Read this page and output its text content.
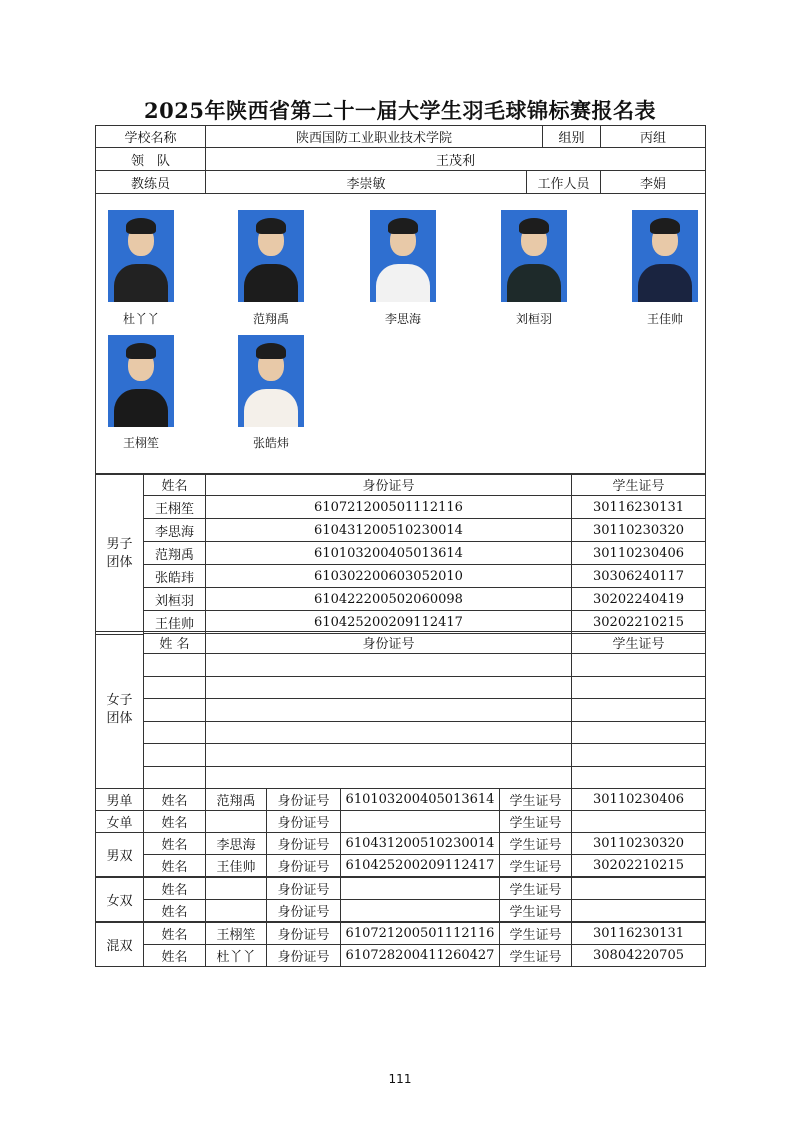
2025年陕西省第二十一届大学生羽毛球锦标赛报名表
学校名称	陕西国防工业职业技术学院	组别	丙组
领　队	王茂利
教练员	李崇敏	工作人员	李娟
杜丫丫	范翔禹	李思海	刘桓羽	王佳帅
王栩笙	张皓炜
男子
团体
姓名	身份证号	学生证号
王栩笙	610721200501112116	30116230131
李思海	610431200510230014	30110230320
范翔禹	610103200405013614	30110230406
张皓玮	610302200603052010	30306240117
刘桓羽	610422200502060098	30202240419
王佳帅	610425200209112417	30202210215
女子
团体
姓 名	身份证号	学生证号
男单	姓名	范翔禹	身份证号	610103200405013614	学生证号	30110230406
女单	姓名	身份证号	学生证号
男双
姓名	李思海	身份证号	610431200510230014	学生证号	30110230320
姓名	王佳帅	身份证号	610425200209112417	学生证号	30202210215
女双
姓名	身份证号	学生证号
姓名	身份证号	学生证号
混双
姓名	王栩笙	身份证号	610721200501112116	学生证号	30116230131
姓名	杜丫丫	身份证号	610728200411260427	学生证号	30804220705
111
